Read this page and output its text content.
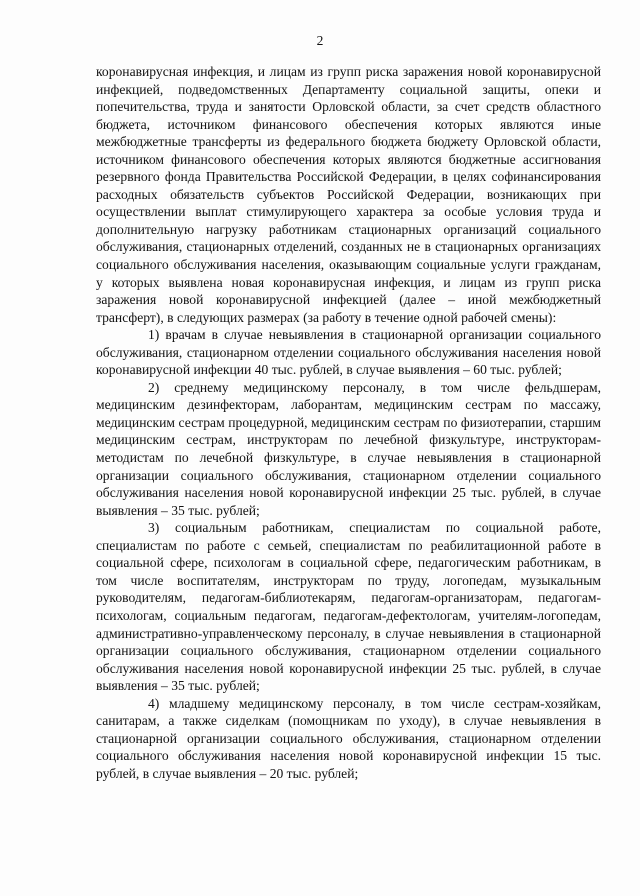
2

коронавирусная инфекция, и лицам из групп риска заражения новой коронавирусной инфекцией, подведомственных Департаменту социальной защиты, опеки и попечительства, труда и занятости Орловской области, за счет средств областного бюджета, источником финансового обеспечения которых являются иные межбюджетные трансферты из федерального бюджета бюджету Орловской области, источником финансового обеспечения которых являются бюджетные ассигнования резервного фонда Правительства Российской Федерации, в целях софинансирования расходных обязательств субъектов Российской Федерации, возникающих при осуществлении выплат стимулирующего характера за особые условия труда и дополнительную нагрузку работникам стационарных организаций социального обслуживания, стационарных отделений, созданных не в стационарных организациях социального обслуживания населения, оказывающим социальные услуги гражданам, у которых выявлена новая коронавирусная инфекция, и лицам из групп риска заражения новой коронавирусной инфекцией (далее – иной межбюджетный трансферт), в следующих размерах (за работу в течение одной рабочей смены):

1) врачам в случае невыявления в стационарной организации социального обслуживания, стационарном отделении социального обслуживания населения новой коронавирусной инфекции 40 тыс. рублей, в случае выявления – 60 тыс. рублей;

2) среднему медицинскому персоналу, в том числе фельдшерам, медицинским дезинфекторам, лаборантам, медицинским сестрам по массажу, медицинским сестрам процедурной, медицинским сестрам по физиотерапии, старшим медицинским сестрам, инструкторам по лечебной физкультуре, инструкторам-методистам по лечебной физкультуре, в случае невыявления в стационарной организации социального обслуживания, стационарном отделении социального обслуживания населения новой коронавирусной инфекции 25 тыс. рублей, в случае выявления – 35 тыс. рублей;

3) социальным работникам, специалистам по социальной работе, специалистам по работе с семьей, специалистам по реабилитационной работе в социальной сфере, психологам в социальной сфере, педагогическим работникам, в том числе воспитателям, инструкторам по труду, логопедам, музыкальным руководителям, педагогам-библиотекарям, педагогам-организаторам, педагогам-психологам, социальным педагогам, педагогам-дефектологам, учителям-логопедам, административно-управленческому персоналу, в случае невыявления в стационарной организации социального обслуживания, стационарном отделении социального обслуживания населения новой коронавирусной инфекции 25 тыс. рублей, в случае выявления – 35 тыс. рублей;

4) младшему медицинскому персоналу, в том числе сестрам-хозяйкам, санитарам, а также сиделкам (помощникам по уходу), в случае невыявления в стационарной организации социального обслуживания, стационарном отделении социального обслуживания населения новой коронавирусной инфекции 15 тыс. рублей, в случае выявления – 20 тыс. рублей;
